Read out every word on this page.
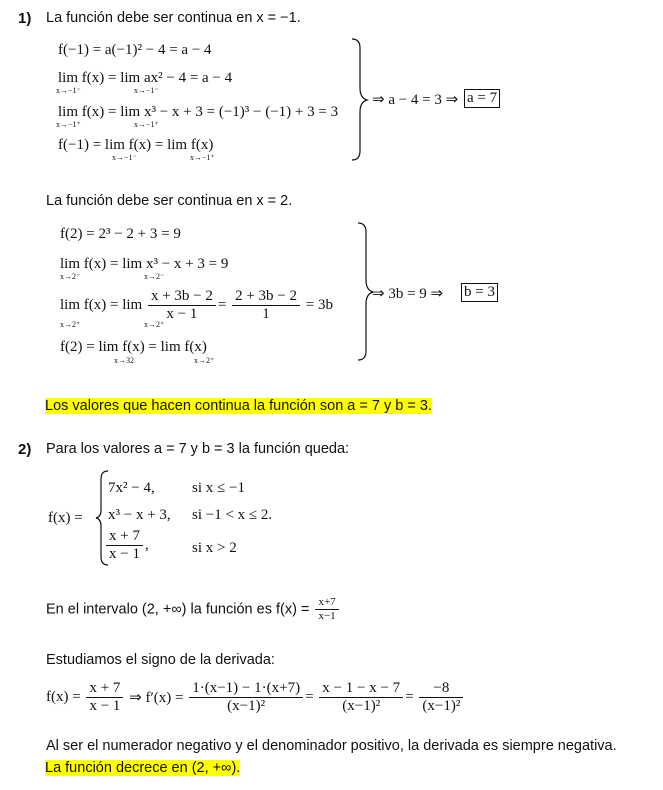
1) La función debe ser continua en x = −1.
f(−1) = a(−1)² − 4 = a − 4
lim f(x) = lim ax² − 4 = a − 4
x→−1⁻	x→−1⁻
lim f(x) = lim x³ − x + 3 = (−1)³ − (−1) + 3 = 3
x→−1⁺	x→−1⁺
f(−1) = lim f(x) = lim f(x)
x→−1⁻	x→−1⁺
⇒ a − 4 = 3 ⇒ a = 7
La función debe ser continua en x = 2.
f(2) = 2³ − 2 + 3 = 9
lim f(x) = lim x³ − x + 3 = 9
x→2⁻	x→2⁻
$\lim f(x) = \lim \frac{x + 3b - 2}{x - 1} = \frac{2 + 3b - 2}{1} = 3b$
x→2⁺	x→2⁺
f(2) = lim f(x) = lim f(x)
x→32	x→2⁺
⇒ 3b = 9 ⇒ b = 3
Los valores que hacen continua la función son a = 7 y b = 3.
2) Para los valores a = 7 y b = 3 la función queda:
f(x) =
7x² − 4, si x ≤ −1
x³ − x + 3, si −1 < x ≤ 2.
$\frac{x + 7}{x - 1}$ ,	si x > 2
En el intervalo (2, +∞) la función es $f(x) = \frac{x+7}{x-1}$
Estudiamos el signo de la derivada:
$f(x) = \frac{x + 7}{x - 1}$ ⇒ $f'(x) = \frac{1\cdot(x-1) - 1\cdot(x+7)}{\text{(x−1)²}} = \frac{x - 1 - x - 7}{\text{(x−1)²}} = \frac{-8}{\text{(x−1)²}}$
Al ser el numerador negativo y el denominador positivo, la derivada es siempre negativa.
La función decrece en (2, +∞).
